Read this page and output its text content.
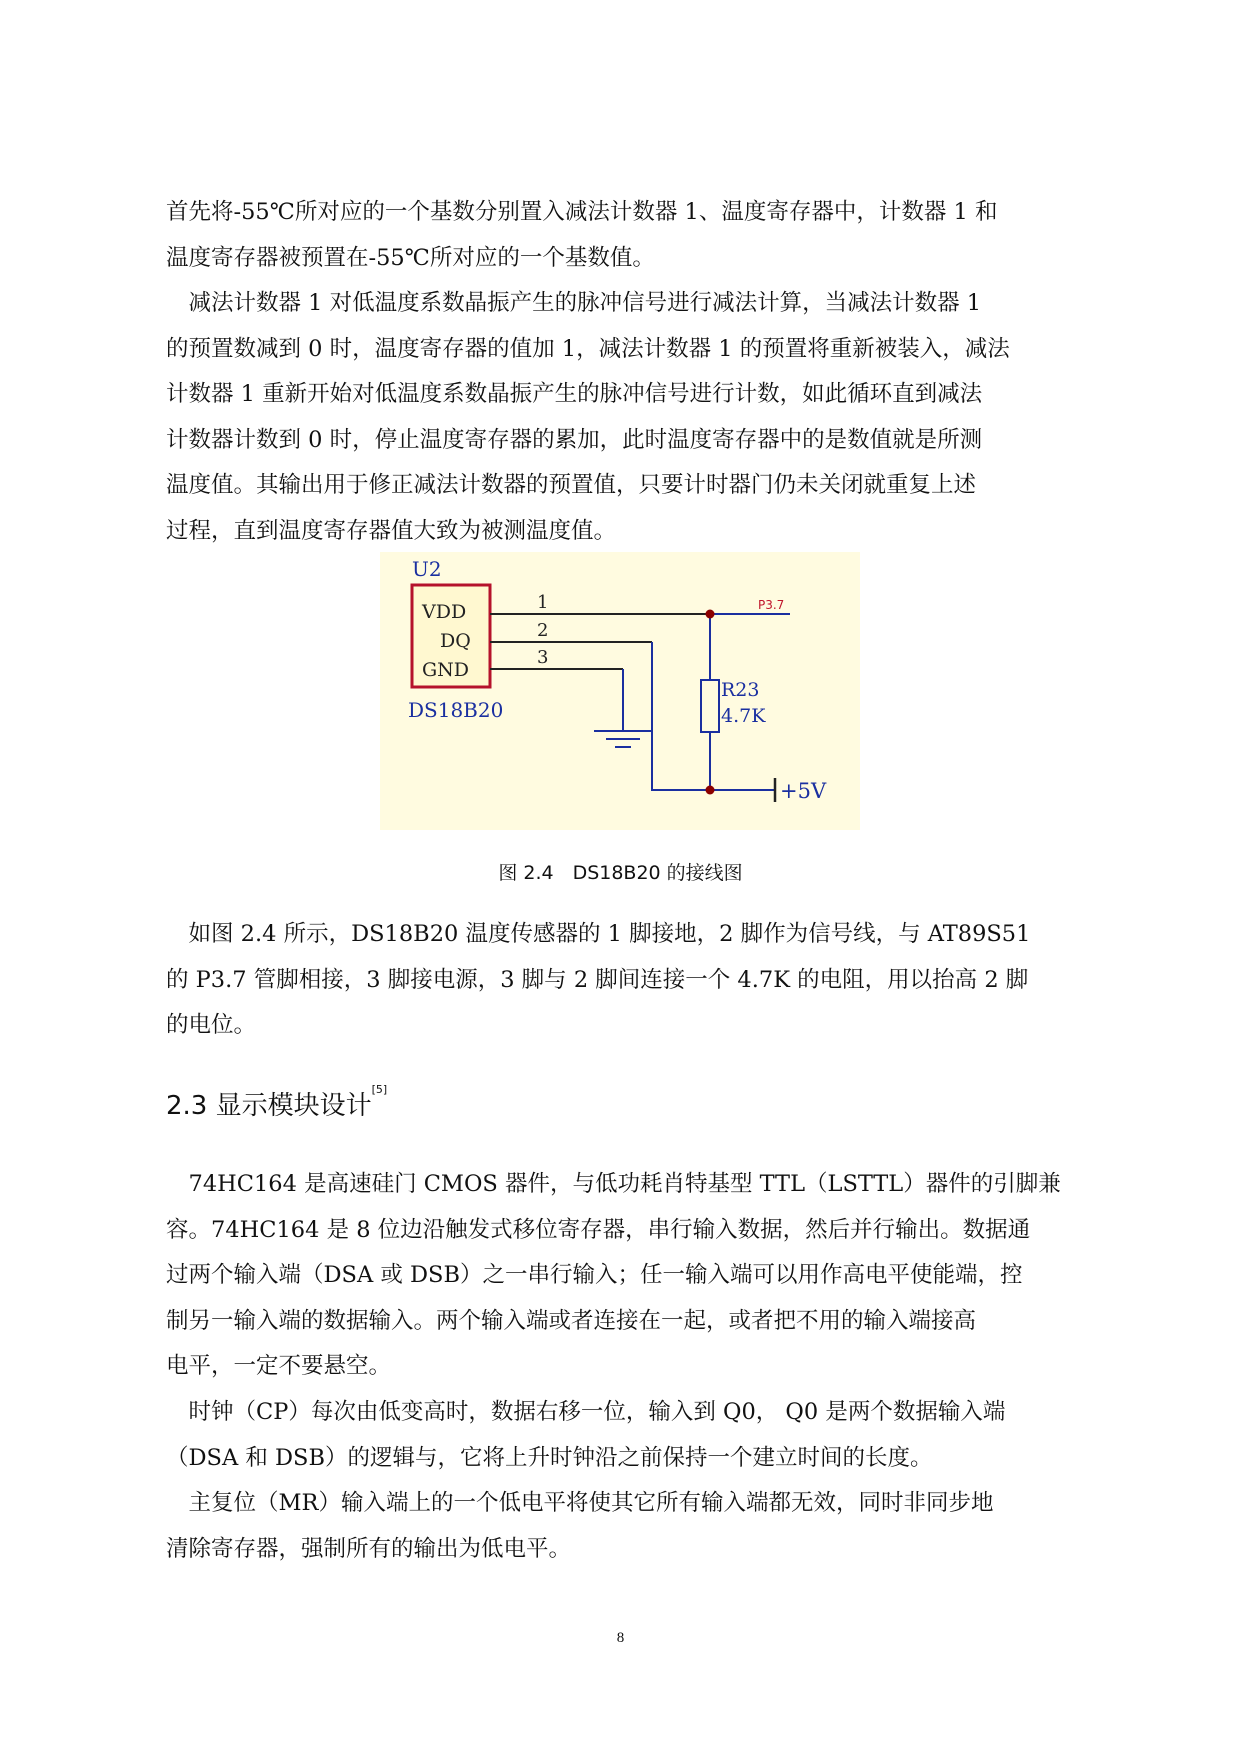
首先将-55℃所对应的一个基数分别置入减法计数器 1、温度寄存器中，计数器 1 和
温度寄存器被预置在-55℃所对应的一个基数值。
　减法计数器 1 对低温度系数晶振产生的脉冲信号进行减法计算，当减法计数器 1
的预置数减到 0 时，温度寄存器的值加 1，减法计数器 1 的预置将重新被装入，减法
计数器 1 重新开始对低温度系数晶振产生的脉冲信号进行计数，如此循环直到减法
计数器计数到 0 时，停止温度寄存器的累加，此时温度寄存器中的是数值就是所测
温度值。其输出用于修正减法计数器的预置值，只要计时器门仍未关闭就重复上述
过程，直到温度寄存器值大致为被测温度值。
U2
VDD
DQ
GND
DS18B20
1	P3.7
2
3
R23
4.7K
+5V
图 2.4　DS18B20 的接线图
　如图 2.4 所示，DS18B20 温度传感器的 1 脚接地，2 脚作为信号线，与 AT89S51
的 P3.7 管脚相接，3 脚接电源，3 脚与 2 脚间连接一个 4.7K 的电阻，用以抬高 2 脚
的电位。
2.3 显示模块设计[5]
　74HC164 是高速硅门 CMOS 器件，与低功耗肖特基型 TTL（LSTTL）器件的引脚兼
容。74HC164 是 8 位边沿触发式移位寄存器，串行输入数据，然后并行输出。数据通
过两个输入端（DSA 或 DSB）之一串行输入；任一输入端可以用作高电平使能端，控
制另一输入端的数据输入。两个输入端或者连接在一起，或者把不用的输入端接高
电平，一定不要悬空。
　时钟（CP）每次由低变高时，数据右移一位，输入到 Q0， Q0 是两个数据输入端
（DSA 和 DSB）的逻辑与，它将上升时钟沿之前保持一个建立时间的长度。
　主复位（MR）输入端上的一个低电平将使其它所有输入端都无效，同时非同步地
清除寄存器，强制所有的输出为低电平。
8
